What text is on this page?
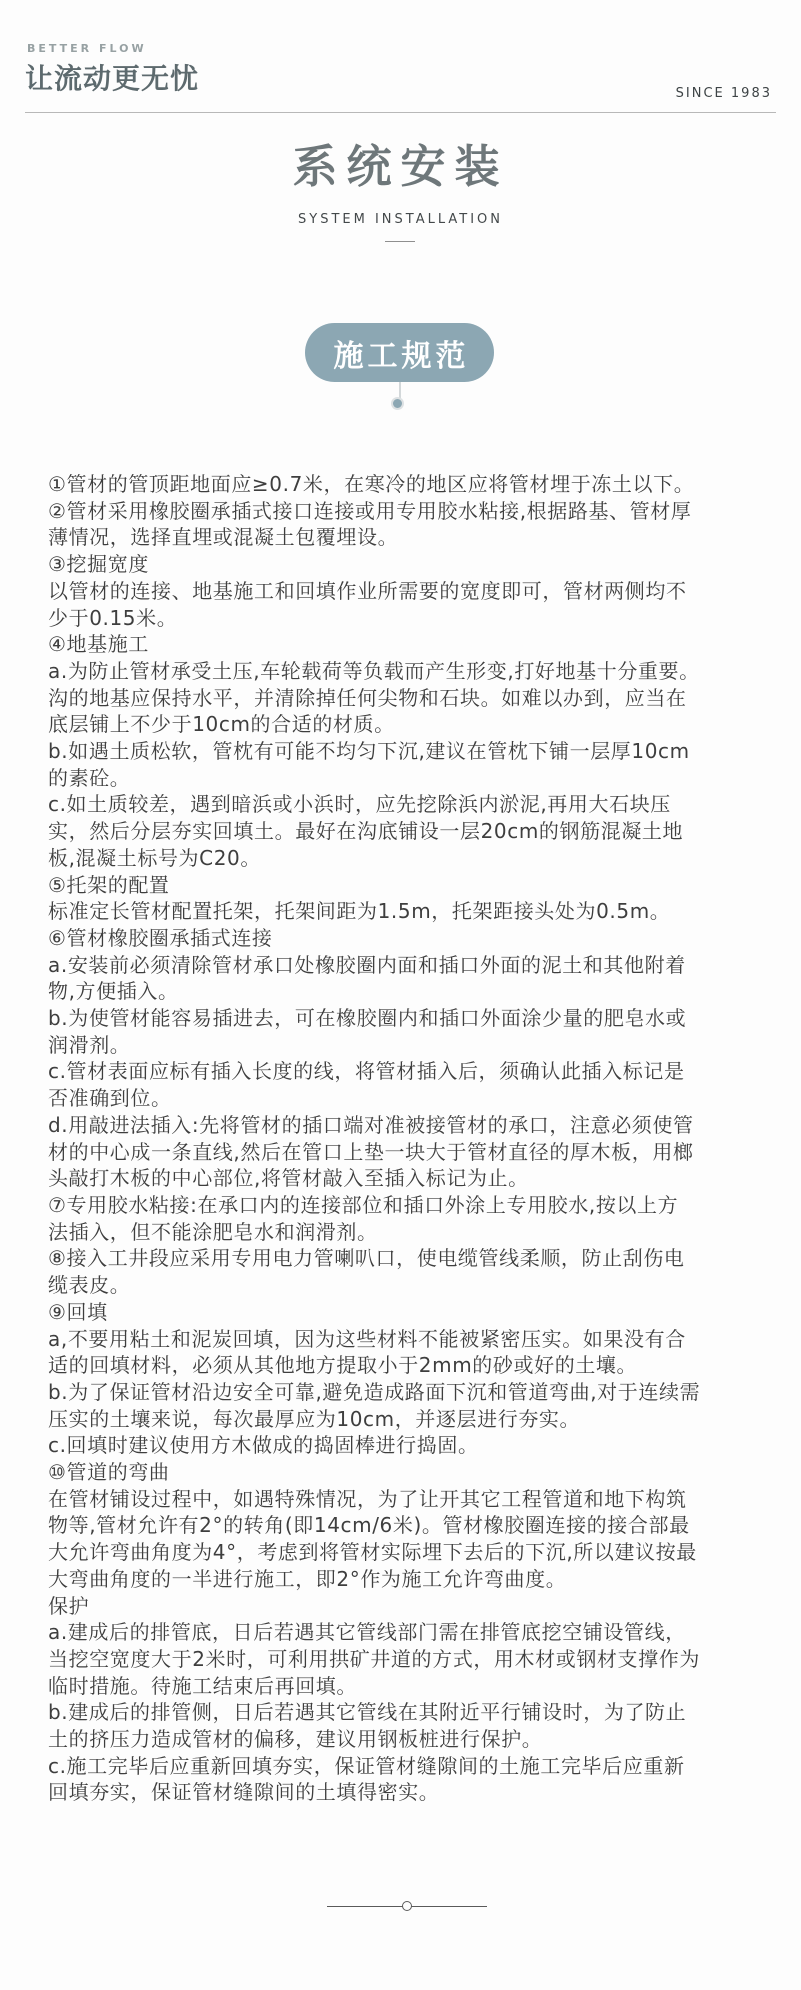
BETTER FLOW
让流动更无忧	SINCE 1983
系统安装
SYSTEM INSTALLATION
施工规范
①管材的管顶距地面应≥0.7米，在寒冷的地区应将管材埋于冻土以下。
②管材采用橡胶圈承插式接口连接或用专用胶水粘接,根据路基、管材厚
薄情况，选择直埋或混凝土包覆埋设。
③挖掘宽度
以管材的连接、地基施工和回填作业所需要的宽度即可，管材两侧均不
少于0.15米。
④地基施工
a.为防止管材承受土压,车轮载荷等负载而产生形变,打好地基十分重要。
沟的地基应保持水平，并清除掉任何尖物和石块。如难以办到，应当在
底层铺上不少于10cm的合适的材质。
b.如遇土质松软，管枕有可能不均匀下沉,建议在管枕下铺一层厚10cm
的素砼。
c.如土质较差，遇到暗浜或小浜时，应先挖除浜内淤泥,再用大石块压
实，然后分层夯实回填土。最好在沟底铺设一层20cm的钢筋混凝土地
板,混凝土标号为C20。
⑤托架的配置
标准定长管材配置托架，托架间距为1.5m，托架距接头处为0.5m。
⑥管材橡胶圈承插式连接
a.安装前必须清除管材承口处橡胶圈内面和插口外面的泥土和其他附着
物,方便插入。
b.为使管材能容易插进去，可在橡胶圈内和插口外面涂少量的肥皂水或
润滑剂。
c.管材表面应标有插入长度的线，将管材插入后，须确认此插入标记是
否准确到位。
d.用敲进法插入:先将管材的插口端对准被接管材的承口，注意必须使管
材的中心成一条直线,然后在管口上垫一块大于管材直径的厚木板，用榔
头敲打木板的中心部位,将管材敲入至插入标记为止。
⑦专用胶水粘接:在承口内的连接部位和插口外涂上专用胶水,按以上方
法插入，但不能涂肥皂水和润滑剂。
⑧接入工井段应采用专用电力管喇叭口，使电缆管线柔顺，防止刮伤电
缆表皮。
⑨回填
a,不要用粘土和泥炭回填，因为这些材料不能被紧密压实。如果没有合
适的回填材料，必须从其他地方提取小于2mm的砂或好的土壤。
b.为了保证管材沿边安全可靠,避免造成路面下沉和管道弯曲,对于连续需
压实的土壤来说，每次最厚应为10cm，并逐层进行夯实。
c.回填时建议使用方木做成的捣固棒进行捣固。
⑩管道的弯曲
在管材铺设过程中，如遇特殊情况，为了让开其它工程管道和地下构筑
物等,管材允许有2°的转角(即14cm/6米)。管材橡胶圈连接的接合部最
大允许弯曲角度为4°，考虑到将管材实际埋下去后的下沉,所以建议按最
大弯曲角度的一半进行施工，即2°作为施工允许弯曲度。
保护
a.建成后的排管底，日后若遇其它管线部门需在排管底挖空铺设管线，
当挖空宽度大于2米时，可利用拱矿井道的方式，用木材或钢材支撑作为
临时措施。待施工结束后再回填。
b.建成后的排管侧，日后若遇其它管线在其附近平行铺设时，为了防止
土的挤压力造成管材的偏移，建议用钢板桩进行保护。
c.施工完毕后应重新回填夯实，保证管材缝隙间的土施工完毕后应重新
回填夯实，保证管材缝隙间的土填得密实。
